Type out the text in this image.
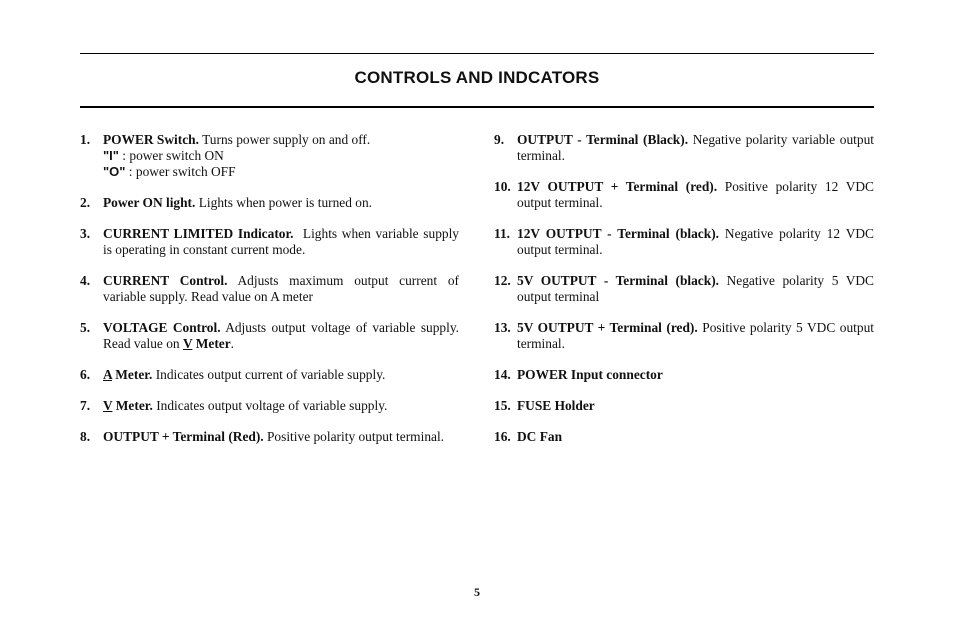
CONTROLS AND INDCATORS
1. POWER Switch. Turns power supply on and off.
"I" : power switch ON
"O" : power switch OFF
2. Power ON light. Lights when power is turned on.
3. CURRENT LIMITED Indicator.  Lights when variable supply is operating in constant current mode.
4. CURRENT Control. Adjusts maximum output current of variable supply. Read value on A meter
5. VOLTAGE Control. Adjusts output voltage of variable supply. Read value on V Meter.
6. A Meter. Indicates output current of variable supply.
7. V Meter. Indicates output voltage of variable supply.
8. OUTPUT + Terminal (Red). Positive polarity output terminal.
9. OUTPUT - Terminal (Black). Negative polarity variable output terminal.
10. 12V OUTPUT + Terminal (red). Positive polarity 12 VDC output terminal.
11. 12V OUTPUT - Terminal (black). Negative polarity 12 VDC output terminal.
12. 5V OUTPUT - Terminal (black). Negative polarity 5 VDC output terminal
13. 5V OUTPUT + Terminal (red). Positive polarity 5 VDC output terminal.
14. POWER Input connector
15. FUSE Holder
16. DC Fan
5
